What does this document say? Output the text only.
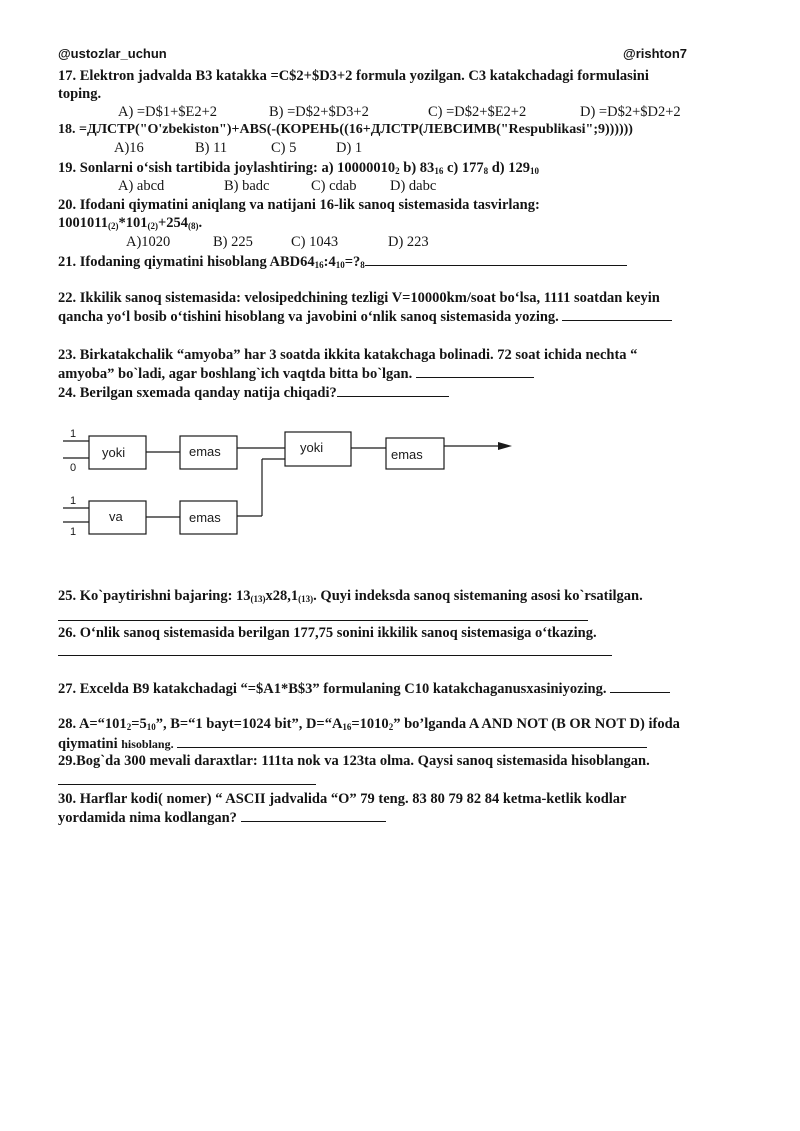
@ustozlar_uchun	@rishton7
17. Elektron jadvalda B3 katakka =C$2+$D3+2 formula yozilgan. C3 katakchadagi formulasini
toping.
A) =D$1+$E2+2	B) =D$2+$D3+2	C) =D$2+$E2+2	D) =D$2+$D2+2
18. =ДЛСТР("O'zbekiston")+ABS(-(КОРЕНЬ((16+ДЛСТР(ЛЕВСИМВ("Respublikasi";9))))))
A)16	B) 11	C) 5	D) 1
19. Sonlarni o‘sish tartibida joylashtiring: a) $10000010_2$ b) $83_{16}$ c) $177_8$ d) $129_{10}$
A) abcd	B) badc	C) cdab D) dabc
20. Ifodani qiymatini aniqlang va natijani 16-lik sanoq sistemasida tasvirlang:
$1001011_{(2)}*101_{(2)}+254_{(8)}$.
A)1020	B) 225	C) 1043	D) 223
21. Ifodaning qiymatini hisoblang $ABD64_{16}:4_{10}=?_8$
22. Ikkilik sanoq sistemasida: velosipedchining tezligi V=10000km/soat bo‘lsa, 1111 soatdan keyin
qancha yo‘l bosib o‘tishini hisoblang va javobini o‘nlik sanoq sistemasida yozing.
23. Birkatakchalik “amyoba” har 3 soatda ikkita katakchaga bolinadi. 72 soat ichida nechta “
amyoba” bo`ladi, agar boshlang`ich vaqtda bitta bo`lgan.
24. Berilgan sxemada qanday natija chiqadi?
1
0
1
1
yoki	emas	yoki	emas
va	emas
25. Ko`paytirishni bajaring: $13_{(13)}x28,1_{(13)}$. Quyi indeksda sanoq sistemaning asosi ko`rsatilgan.
26. O‘nlik sanoq sistemasida berilgan 177,75 sonini ikkilik sanoq sistemasiga o‘tkazing.
27. Excelda B9 katakchadagi “=$A1*B$3” formulaning C10 katakchaganusxasiniyozing.
28. $A=“101_2=5_{10}$”, B=“1 bayt=1024 bit”, $D=“A_{16}=1010_2$” bo’lganda A AND NOT (B OR NOT D) ifoda
qiymatini hisoblang.
29.Bog`da 300 mevali daraxtlar: 111ta nok va 123ta olma. Qaysi sanoq sistemasida hisoblangan.
30. Harflar kodi( nomer) “ ASCII jadvalida “O” 79 teng. 83 80 79 82 84 ketma-ketlik kodlar
yordamida nima kodlangan?
